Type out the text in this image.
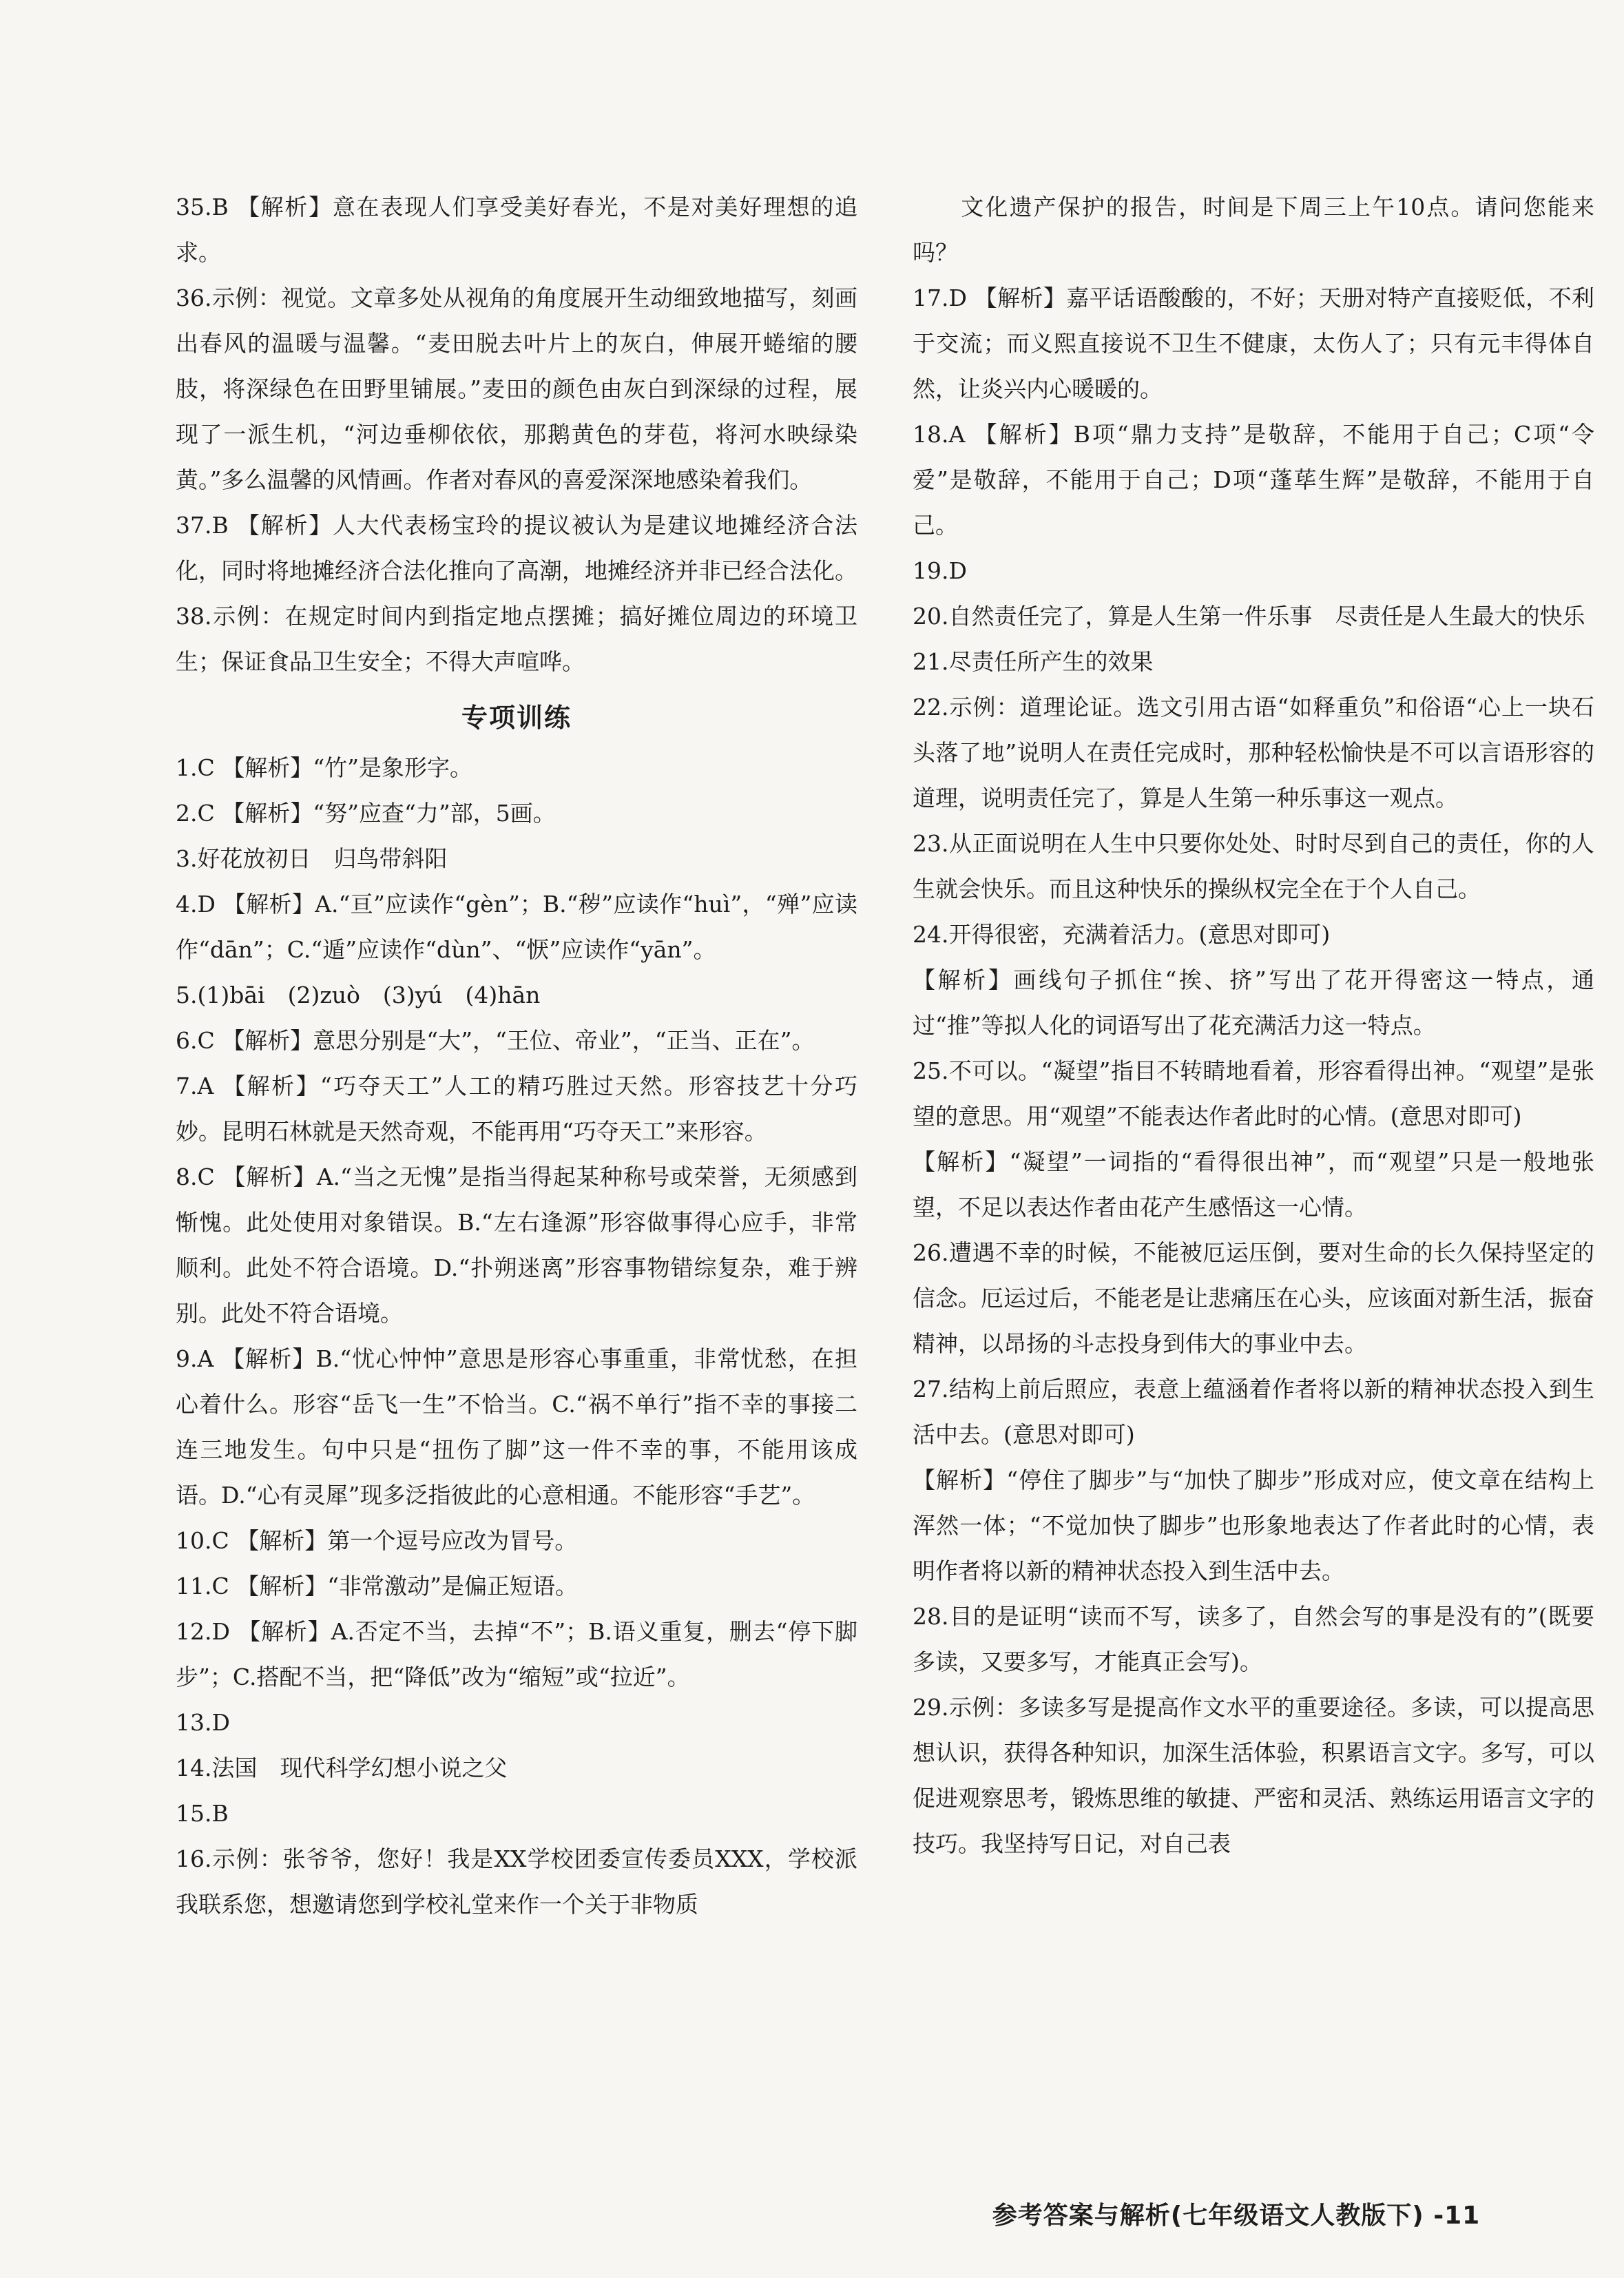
35.B 【解析】意在表现人们享受美好春光，不是对美好理想的追求。

36.示例：视觉。文章多处从视角的角度展开生动细致地描写，刻画出春风的温暖与温馨。“麦田脱去叶片上的灰白，伸展开蜷缩的腰肢，将深绿色在田野里铺展。”麦田的颜色由灰白到深绿的过程，展现了一派生机，“河边垂柳依依，那鹅黄色的芽苞，将河水映绿染黄。”多么温馨的风情画。作者对春风的喜爱深深地感染着我们。

37.B 【解析】人大代表杨宝玲的提议被认为是建议地摊经济合法化，同时将地摊经济合法化推向了高潮，地摊经济并非已经合法化。

38.示例：在规定时间内到指定地点摆摊；搞好摊位周边的环境卫生；保证食品卫生安全；不得大声喧哗。

专项训练

1.C 【解析】“竹”是象形字。

2.C 【解析】“努”应查“力”部，5画。

3.好花放初日　归鸟带斜阳

4.D 【解析】A.“亘”应读作“gèn”；B.“秽”应读作“huì”，“殚”应读作“dān”；C.“遁”应读作“dùn”、“恹”应读作“yān”。

5.(1)bāi　(2)zuò　(3)yú　(4)hān

6.C 【解析】意思分别是“大”，“王位、帝业”，“正当、正在”。

7.A 【解析】“巧夺天工”人工的精巧胜过天然。形容技艺十分巧妙。昆明石林就是天然奇观，不能再用“巧夺天工”来形容。

8.C 【解析】A.“当之无愧”是指当得起某种称号或荣誉，无须感到惭愧。此处使用对象错误。B.“左右逢源”形容做事得心应手，非常顺利。此处不符合语境。D.“扑朔迷离”形容事物错综复杂，难于辨别。此处不符合语境。

9.A 【解析】B.“忧心忡忡”意思是形容心事重重，非常忧愁，在担心着什么。形容“岳飞一生”不恰当。C.“祸不单行”指不幸的事接二连三地发生。句中只是“扭伤了脚”这一件不幸的事，不能用该成语。D.“心有灵犀”现多泛指彼此的心意相通。不能形容“手艺”。

10.C 【解析】第一个逗号应改为冒号。

11.C 【解析】“非常激动”是偏正短语。

12.D 【解析】A.否定不当，去掉“不”；B.语义重复，删去“停下脚步”；C.搭配不当，把“降低”改为“缩短”或“拉近”。

13.D

14.法国　现代科学幻想小说之父

15.B

16.示例：张爷爷，您好！我是XX学校团委宣传委员XXX，学校派我联系您，想邀请您到学校礼堂来作一个关于非物质

　　文化遗产保护的报告，时间是下周三上午10点。请问您能来吗？

17.D 【解析】嘉平话语酸酸的，不好；天册对特产直接贬低，不利于交流；而义熙直接说不卫生不健康，太伤人了；只有元丰得体自然，让炎兴内心暖暖的。

18.A 【解析】B项“鼎力支持”是敬辞，不能用于自己；C项“令爱”是敬辞，不能用于自己；D项“蓬荜生辉”是敬辞，不能用于自己。

19.D

20.自然责任完了，算是人生第一件乐事　尽责任是人生最大的快乐

21.尽责任所产生的效果

22.示例：道理论证。选文引用古语“如释重负”和俗语“心上一块石头落了地”说明人在责任完成时，那种轻松愉快是不可以言语形容的道理，说明责任完了，算是人生第一种乐事这一观点。

23.从正面说明在人生中只要你处处、时时尽到自己的责任，你的人生就会快乐。而且这种快乐的操纵权完全在于个人自己。

24.开得很密，充满着活力。(意思对即可)

【解析】画线句子抓住“挨、挤”写出了花开得密这一特点，通过“推”等拟人化的词语写出了花充满活力这一特点。

25.不可以。“凝望”指目不转睛地看着，形容看得出神。“观望”是张望的意思。用“观望”不能表达作者此时的心情。(意思对即可)

【解析】“凝望”一词指的“看得很出神”，而“观望”只是一般地张望，不足以表达作者由花产生感悟这一心情。

26.遭遇不幸的时候，不能被厄运压倒，要对生命的长久保持坚定的信念。厄运过后，不能老是让悲痛压在心头，应该面对新生活，振奋精神，以昂扬的斗志投身到伟大的事业中去。

27.结构上前后照应，表意上蕴涵着作者将以新的精神状态投入到生活中去。(意思对即可)

【解析】“停住了脚步”与“加快了脚步”形成对应，使文章在结构上浑然一体；“不觉加快了脚步”也形象地表达了作者此时的心情，表明作者将以新的精神状态投入到生活中去。

28.目的是证明“读而不写，读多了，自然会写的事是没有的”(既要多读，又要多写，才能真正会写)。

29.示例：多读多写是提高作文水平的重要途径。多读，可以提高思想认识，获得各种知识，加深生活体验，积累语言文字。多写，可以促进观察思考，锻炼思维的敏捷、严密和灵活、熟练运用语言文字的技巧。我坚持写日记，对自己表

参考答案与解析(七年级语文人教版下) -11
